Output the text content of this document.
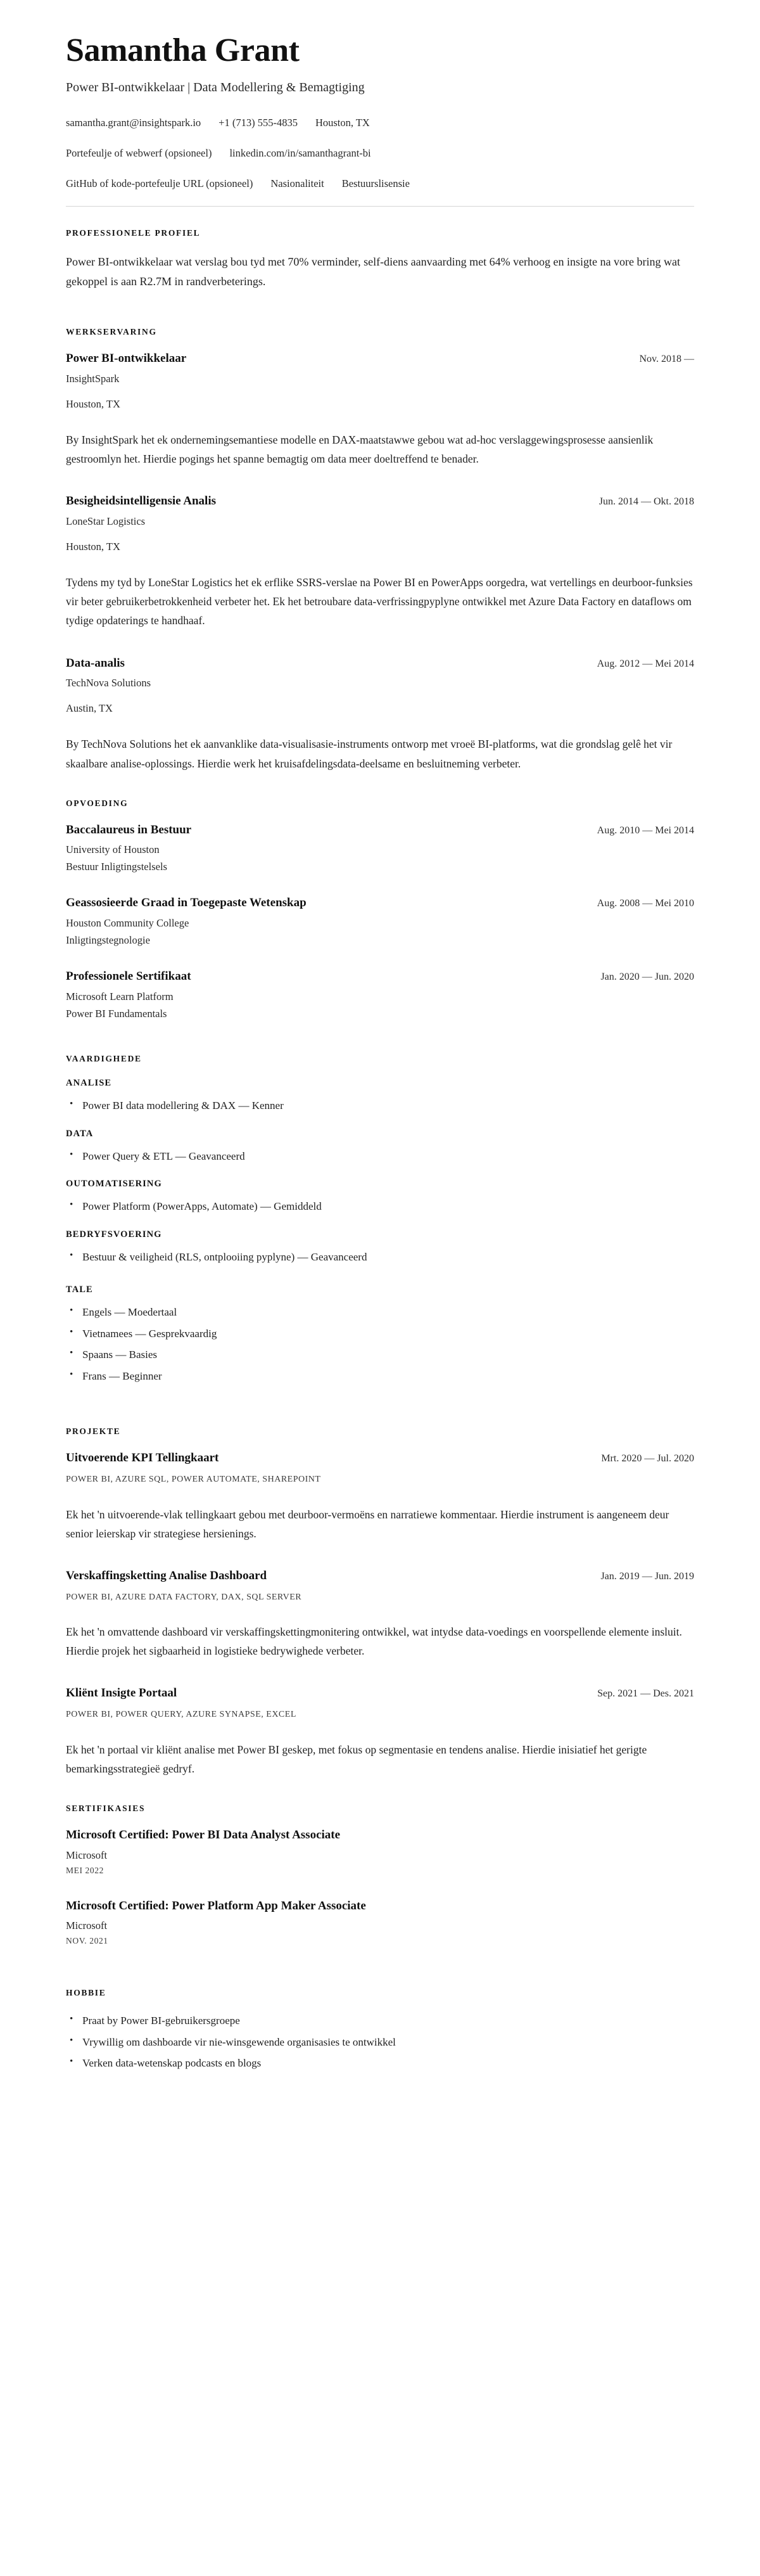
Samantha Grant
Power BI-ontwikkelaar | Data Modellering & Bemagtiging
samantha.grant@insightspark.io +1 (713) 555-4835 Houston, TX
Portefeulje of webwerf (opsioneel) linkedin.com/in/samanthagrant-bi
GitHub of kode-portefeulje URL (opsioneel) Nasionaliteit Bestuurslisensie
PROFESSIONELE PROFIEL

Power BI-ontwikkelaar wat verslag bou tyd met 70% verminder, self-diens aanvaarding met 64% verhoog en insigte na vore bring wat gekoppel is aan R2.7M in randverbeterings.

WERKSERVARING
Power BI-ontwikkelaar	Nov. 2018 —
InsightSpark
Houston, TX

By InsightSpark het ek ondernemingsemantiese modelle en DAX-maatstawwe gebou wat ad-hoc verslaggewingsprosesse aansienlik gestroomlyn het. Hierdie pogings het spanne bemagtig om data meer doeltreffend te benader.

Besigheidsintelligensie Analis	Jun. 2014 — Okt. 2018
LoneStar Logistics
Houston, TX

Tydens my tyd by LoneStar Logistics het ek erflike SSRS-verslae na Power BI en PowerApps oorgedra, wat vertellings en deurboor-funksies vir beter gebruikerbetrokkenheid verbeter het. Ek het betroubare data-verfrissingpyplyne ontwikkel met Azure Data Factory en dataflows om tydige opdaterings te handhaaf.

Data-analis	Aug. 2012 — Mei 2014
TechNova Solutions
Austin, TX

By TechNova Solutions het ek aanvanklike data-visualisasie-instruments ontworp met vroeë BI-platforms, wat die grondslag gelê het vir skaalbare analise-oplossings. Hierdie werk het kruisafdelingsdata-deelsame en besluitneming verbeter.

OPVOEDING
Baccalaureus in Bestuur	Aug. 2010 — Mei 2014
University of Houston
Bestuur Inligtingstelsels
Geassosieerde Graad in Toegepaste Wetenskap	Aug. 2008 — Mei 2010
Houston Community College
Inligtingstegnologie
Professionele Sertifikaat	Jan. 2020 — Jun. 2020
Microsoft Learn Platform
Power BI Fundamentals
VAARDIGHEDE
ANALISE
• Power BI data modellering & DAX — Kenner
DATA
• Power Query & ETL — Geavanceerd
OUTOMATISERING
• Power Platform (PowerApps, Automate) — Gemiddeld
BEDRYFSVOERING
• Bestuur & veiligheid (RLS, ontplooiing pyplyne) — Geavanceerd
TALE
• Engels — Moedertaal
• Vietnamees — Gesprekvaardig
• Spaans — Basies
• Frans — Beginner
PROJEKTE
Uitvoerende KPI Tellingkaart	Mrt. 2020 — Jul. 2020
POWER BI, AZURE SQL, POWER AUTOMATE, SHAREPOINT

Ek het 'n uitvoerende-vlak tellingkaart gebou met deurboor-vermoëns en narratiewe kommentaar. Hierdie instrument is aangeneem deur senior leierskap vir strategiese hersienings.

Verskaffingsketting Analise Dashboard	Jan. 2019 — Jun. 2019
POWER BI, AZURE DATA FACTORY, DAX, SQL SERVER

Ek het 'n omvattende dashboard vir verskaffingskettingmonitering ontwikkel, wat intydse data-voedings en voorspellende elemente insluit. Hierdie projek het sigbaarheid in logistieke bedrywighede verbeter.

Kliënt Insigte Portaal	Sep. 2021 — Des. 2021
POWER BI, POWER QUERY, AZURE SYNAPSE, EXCEL

Ek het 'n portaal vir kliënt analise met Power BI geskep, met fokus op segmentasie en tendens analise. Hierdie inisiatief het gerigte bemarkingsstrategieë gedryf.

SERTIFIKASIES
Microsoft Certified: Power BI Data Analyst Associate
Microsoft
MEI 2022
Microsoft Certified: Power Platform App Maker Associate
Microsoft
NOV. 2021
HOBBIE
• Praat by Power BI-gebruikersgroepe
• Vrywillig om dashboarde vir nie-winsgewende organisasies te ontwikkel
• Verken data-wetenskap podcasts en blogs
